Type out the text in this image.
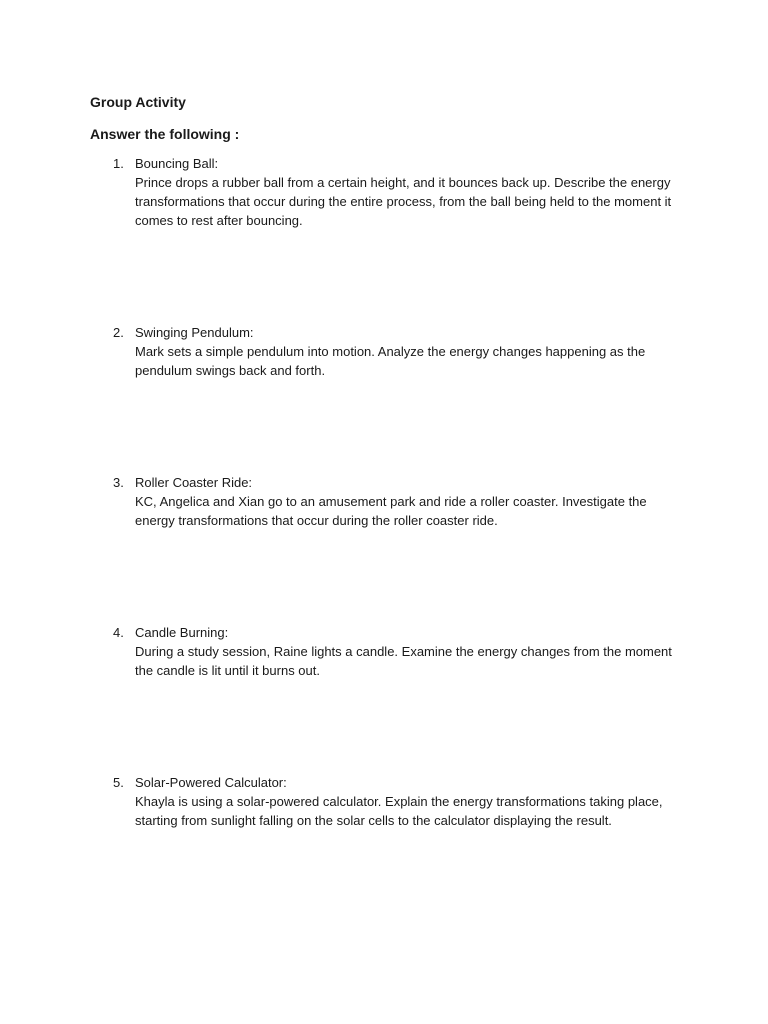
Group Activity
Answer the following :
1. Bouncing Ball:
Prince drops a rubber ball from a certain height, and it bounces back up. Describe the energy transformations that occur during the entire process, from the ball being held to the moment it comes to rest after bouncing.
2. Swinging Pendulum:
Mark sets a simple pendulum into motion. Analyze the energy changes happening as the pendulum swings back and forth.
3. Roller Coaster Ride:
KC, Angelica and Xian go to an amusement park and ride a roller coaster. Investigate the energy transformations that occur during the roller coaster ride.
4. Candle Burning:
During a study session, Raine lights a candle. Examine the energy changes from the moment the candle is lit until it burns out.
5. Solar-Powered Calculator:
Khayla is using a solar-powered calculator. Explain the energy transformations taking place, starting from sunlight falling on the solar cells to the calculator displaying the result.
